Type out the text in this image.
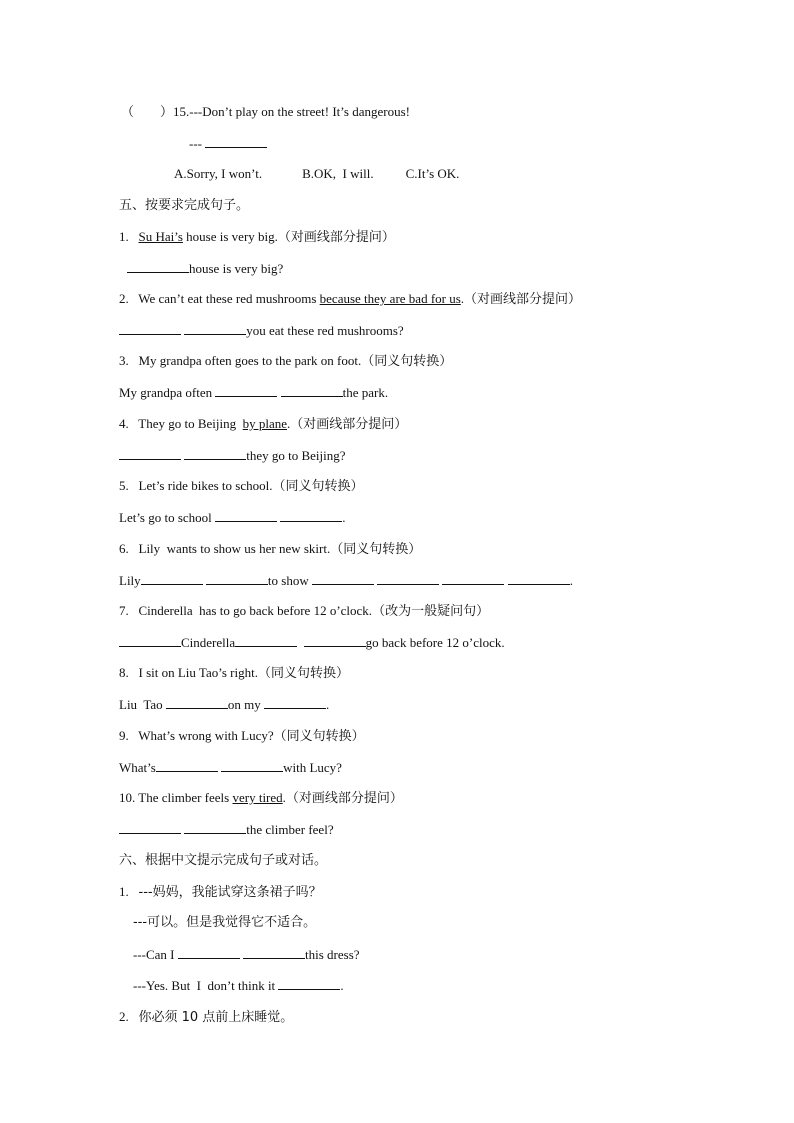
（　　）15.---Don’t play on the street! It’s dangerous!
---
A.Sorry, I won’t.	B.OK,  I will. C.It’s OK.
五、按要求完成句子。
1. Su Hai’s house is very big.（对画线部分提问）
house is very big?
2. We can’t eat these red mushrooms because they are bad for us.（对画线部分提问）
you eat these red mushrooms?
3. My grandpa often goes to the park on foot.（同义句转换）
My grandpa often	the park.
4. They go to Beijing  by plane.（对画线部分提问）
they go to Beijing?
5. Let’s ride bikes to school.（同义句转换）
Let’s go to school	.
6. Lily  wants to show us her new skirt.（同义句转换）
Lily	to show	.
7. Cinderella  has to go back before 12 o’clock.（改为一般疑问句）
Cinderella	go back before 12 o’clock.
8. I sit on Liu Tao’s right.（同义句转换）
Liu  Tao	on my	.
9. What’s wrong with Lucy?（同义句转换）
What’s	with Lucy?
10. The climber feels very tired.（对画线部分提问）
the climber feel?
六、根据中文提示完成句子或对话。
1. ---妈妈，我能试穿这条裙子吗？
---可以。但是我觉得它不适合。
---Can I	this dress?
---Yes. But  I  don’t think it	.
2. 你必须 10 点前上床睡觉。
